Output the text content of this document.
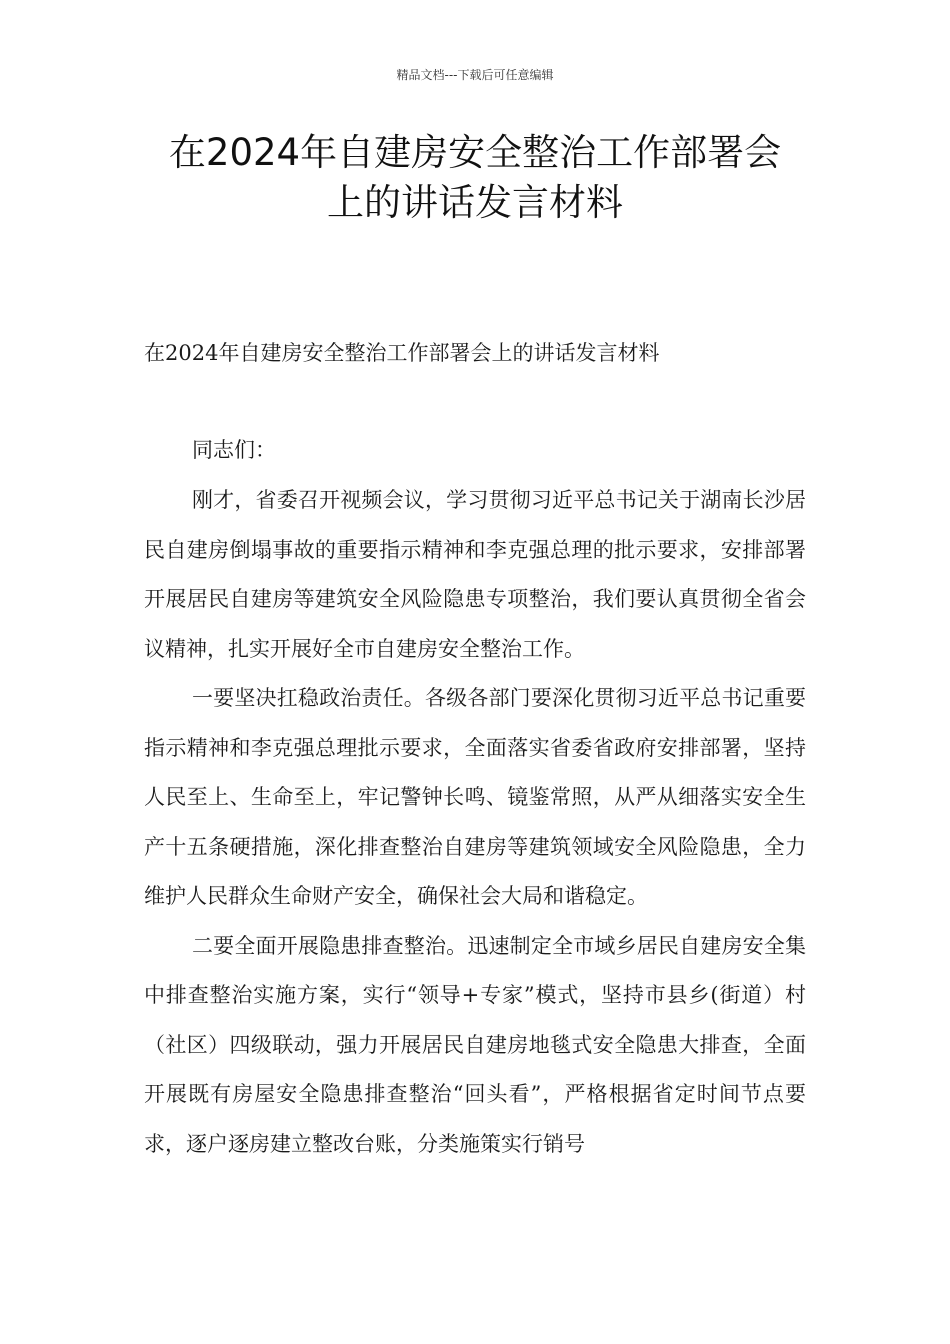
精品文档---下载后可任意编辑
在2024年自建房安全整治工作部署会
上的讲话发言材料

在2024年自建房安全整治工作部署会上的讲话发言材料

同志们：

刚才，省委召开视频会议，学习贯彻习近平总书记关于湖南长沙居民自建房倒塌事故的重要指示精神和李克强总理的批示要求，安排部署开展居民自建房等建筑安全风险隐患专项整治，我们要认真贯彻全省会议精神，扎实开展好全市自建房安全整治工作。

一要坚决扛稳政治责任。各级各部门要深化贯彻习近平总书记重要指示精神和李克强总理批示要求，全面落实省委省政府安排部署，坚持人民至上、生命至上，牢记警钟长鸣、镜鉴常照，从严从细落实安全生产十五条硬措施，深化排查整治自建房等建筑领域安全风险隐患，全力维护人民群众生命财产安全，确保社会大局和谐稳定。

二要全面开展隐患排查整治。迅速制定全市域乡居民自建房安全集中排查整治实施方案，实行“领导+专家”模式，坚持市县乡(街道）村（社区）四级联动，强力开展居民自建房地毯式安全隐患大排查，全面开展既有房屋安全隐患排查整治“回头看”，严格根据省定时间节点要求，逐户逐房建立整改台账，分类施策实行销号
